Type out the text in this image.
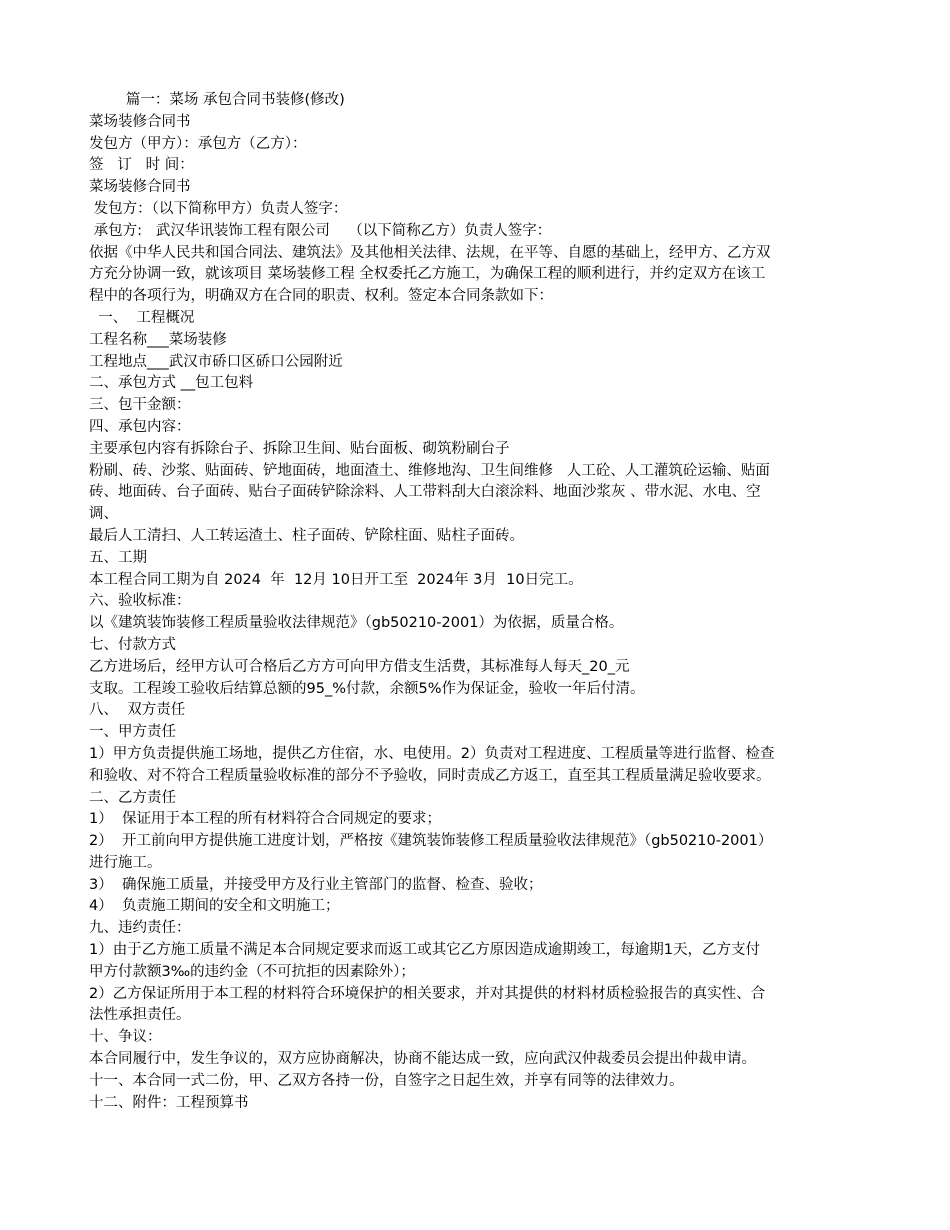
篇一：菜场 承包合同书装修(修改)

菜场装修合同书

发包方（甲方）：承包方（乙方）：

签   订   时 间：

菜场装修合同书

发包方：（以下简称甲方）负责人签字：

承包方:   武汉华讯装饰工程有限公司    （以下简称乙方）负责人签字：

依据《中华人民共和国合同法、建筑法》及其他相关法律、法规，在平等、自愿的基础上，经甲方、乙方双

方充分协调一致，就该项目 菜场装修工程 全权委托乙方施工，为确保工程的顺利进行，并约定双方在该工

程中的各项行为，明确双方在合同的职责、权利。签定本合同条款如下：

一、  工程概况

工程名称___菜场装修

工程地点___武汉市硚口区硚口公园附近

二、承包方式 __包工包料

三、包干金额：

四、承包内容：

主要承包内容有拆除台子、拆除卫生间、贴台面板、砌筑粉刷台子

粉刷、砖、沙浆、贴面砖、铲地面砖，地面渣土、维修地沟、卫生间维修   人工砼、人工灌筑砼运输、贴面

砖、地面砖、台子面砖、贴台子面砖铲除涂料、人工带料刮大白滚涂料、地面沙浆灰 、带水泥、水电、空

调、

最后人工清扫、人工转运渣土、柱子面砖、铲除柱面、贴柱子面砖。

五、工期

本工程合同工期为自 2024  年  12月 10日开工至  2024年 3月  10日完工。

六、验收标准：

以《建筑装饰装修工程质量验收法律规范》（gb50210-2001）为依据，质量合格。

七、付款方式

乙方进场后，经甲方认可合格后乙方方可向甲方借支生活费，其标准每人每天_20_元

支取。工程竣工验收后结算总额的95_%付款，余额5%作为保证金，验收一年后付清。

八、  双方责任

一、甲方责任

1）甲方负责提供施工场地，提供乙方住宿，水、电使用。2）负责对工程进度、工程质量等进行监督、检查

和验收、对不符合工程质量验收标准的部分不予验收，同时责成乙方返工，直至其工程质量满足验收要求。

二、乙方责任

1）  保证用于本工程的所有材料符合合同规定的要求；

2）  开工前向甲方提供施工进度计划，严格按《建筑装饰装修工程质量验收法律规范》（gb50210-2001）

进行施工。

3）  确保施工质量，并接受甲方及行业主管部门的监督、检查、验收；

4）  负责施工期间的安全和文明施工；

九、违约责任：

1）由于乙方施工质量不满足本合同规定要求而返工或其它乙方原因造成逾期竣工，每逾期1天，乙方支付

甲方付款额3‰的违约金（不可抗拒的因素除外）；

2）乙方保证所用于本工程的材料符合环境保护的相关要求，并对其提供的材料材质检验报告的真实性、合

法性承担责任。

十、争议：

本合同履行中，发生争议的，双方应协商解决，协商不能达成一致，应向武汉仲裁委员会提出仲裁申请。

十一、本合同一式二份，甲、乙双方各持一份，自签字之日起生效，并享有同等的法律效力。

十二、附件：工程预算书
